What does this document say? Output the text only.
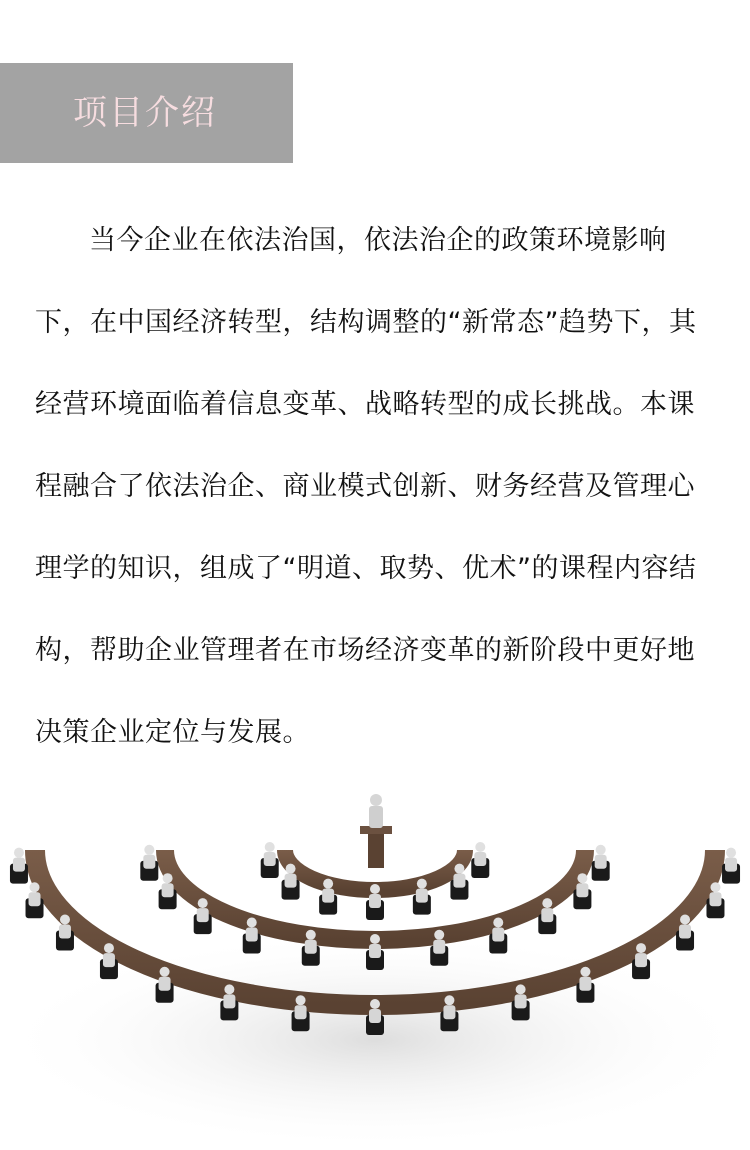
项目介绍

当今企业在依法治国，依法治企的政策环境影响下，在中国经济转型，结构调整的“新常态”趋势下，其经营环境面临着信息变革、战略转型的成长挑战。本课程融合了依法治企、商业模式创新、财务经营及管理心理学的知识，组成了“明道、取势、优术”的课程内容结构，帮助企业管理者在市场经济变革的新阶段中更好地决策企业定位与发展。
